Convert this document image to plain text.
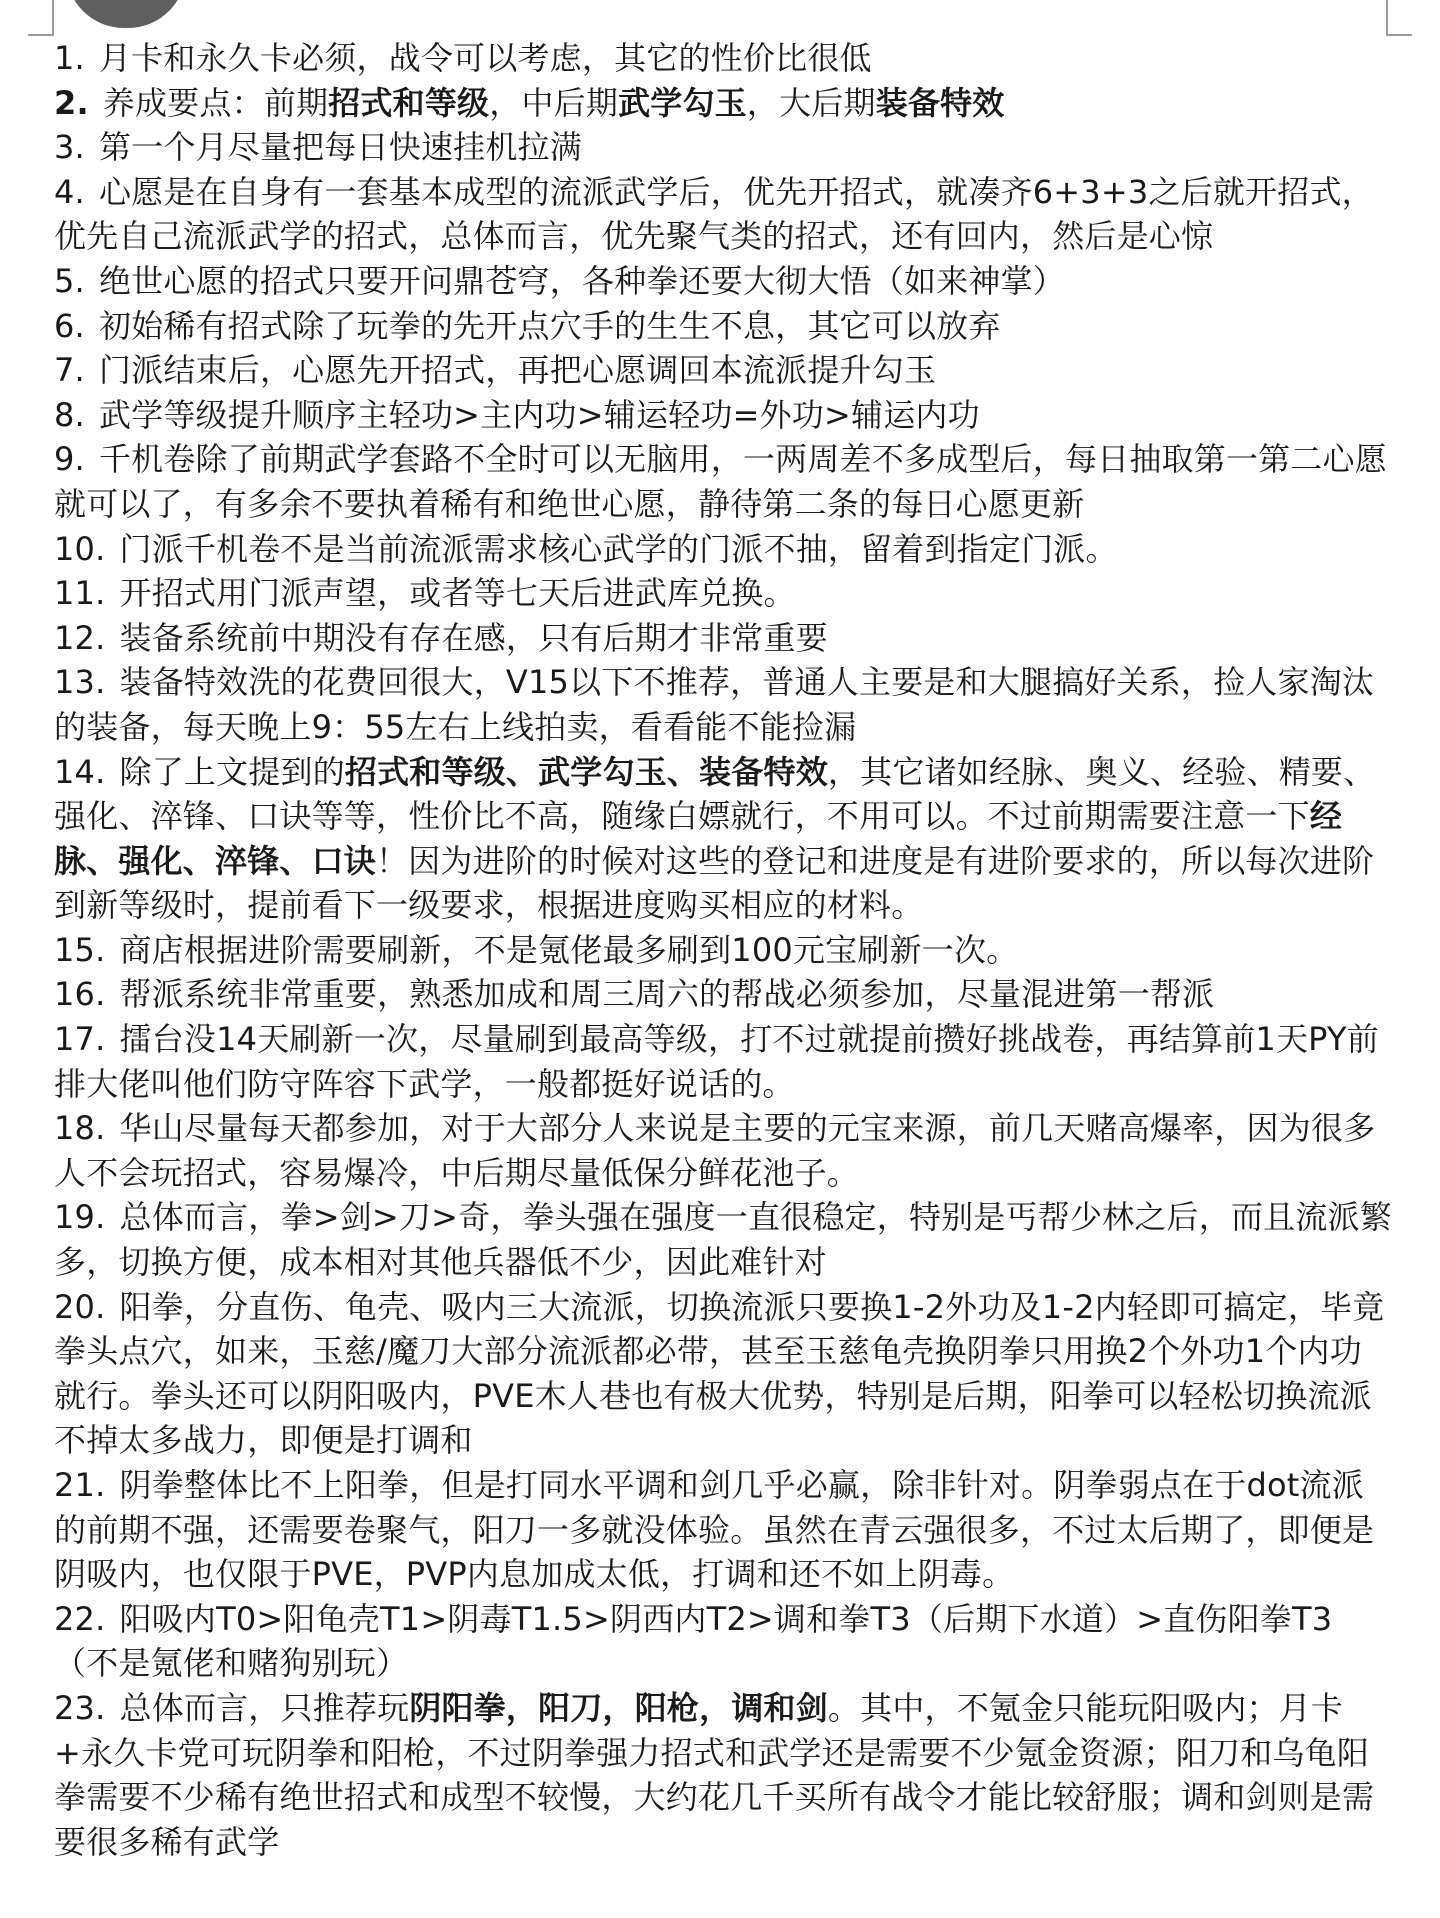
1. 月卡和永久卡必须，战令可以考虑，其它的性价比很低

2. 养成要点：前期招式和等级，中后期武学勾玉，大后期装备特效

3. 第一个月尽量把每日快速挂机拉满

4. 心愿是在自身有一套基本成型的流派武学后，优先开招式，就凑齐6+3+3之后就开招式，优先自己流派武学的招式，总体而言，优先聚气类的招式，还有回内，然后是心惊

5. 绝世心愿的招式只要开问鼎苍穹，各种拳还要大彻大悟（如来神掌）

6. 初始稀有招式除了玩拳的先开点穴手的生生不息，其它可以放弃

7. 门派结束后，心愿先开招式，再把心愿调回本流派提升勾玉

8. 武学等级提升顺序主轻功>主内功>辅运轻功=外功>辅运内功

9. 千机卷除了前期武学套路不全时可以无脑用，一两周差不多成型后，每日抽取第一第二心愿就可以了，有多余不要执着稀有和绝世心愿，静待第二条的每日心愿更新

10. 门派千机卷不是当前流派需求核心武学的门派不抽，留着到指定门派。

11. 开招式用门派声望，或者等七天后进武库兑换。

12. 装备系统前中期没有存在感，只有后期才非常重要

13. 装备特效洗的花费回很大，V15以下不推荐，普通人主要是和大腿搞好关系，捡人家淘汰的装备，每天晚上9：55左右上线拍卖，看看能不能捡漏

14. 除了上文提到的招式和等级、武学勾玉、装备特效，其它诸如经脉、奥义、经验、精要、强化、淬锋、口诀等等，性价比不高，随缘白嫖就行，不用可以。不过前期需要注意一下经脉、强化、淬锋、口诀！因为进阶的时候对这些的登记和进度是有进阶要求的，所以每次进阶到新等级时，提前看下一级要求，根据进度购买相应的材料。

15. 商店根据进阶需要刷新，不是氪佬最多刷到100元宝刷新一次。

16. 帮派系统非常重要，熟悉加成和周三周六的帮战必须参加，尽量混进第一帮派

17. 擂台没14天刷新一次，尽量刷到最高等级，打不过就提前攒好挑战卷，再结算前1天PY前排大佬叫他们防守阵容下武学，一般都挺好说话的。

18. 华山尽量每天都参加，对于大部分人来说是主要的元宝来源，前几天赌高爆率，因为很多人不会玩招式，容易爆冷，中后期尽量低保分鲜花池子。

19. 总体而言，拳>剑>刀>奇，拳头强在强度一直很稳定，特别是丐帮少林之后，而且流派繁多，切换方便，成本相对其他兵器低不少，因此难针对

20. 阳拳，分直伤、龟壳、吸内三大流派，切换流派只要换1-2外功及1-2内轻即可搞定，毕竟拳头点穴，如来，玉慈/魔刀大部分流派都必带，甚至玉慈龟壳换阴拳只用换2个外功1个内功就行。拳头还可以阴阳吸内，PVE木人巷也有极大优势，特别是后期，阳拳可以轻松切换流派不掉太多战力，即便是打调和

21. 阴拳整体比不上阳拳，但是打同水平调和剑几乎必赢，除非针对。阴拳弱点在于dot流派的前期不强，还需要卷聚气，阳刀一多就没体验。虽然在青云强很多，不过太后期了，即便是阴吸内，也仅限于PVE，PVP内息加成太低，打调和还不如上阴毒。

22. 阳吸内T0>阳龟壳T1>阴毒T1.5>阴西内T2>调和拳T3（后期下水道）>直伤阳拳T3（不是氪佬和赌狗别玩）

23. 总体而言，只推荐玩阴阳拳，阳刀，阳枪，调和剑。其中，不氪金只能玩阳吸内；月卡+永久卡党可玩阴拳和阳枪，不过阴拳强力招式和武学还是需要不少氪金资源；阳刀和乌龟阳拳需要不少稀有绝世招式和成型不较慢，大约花几千买所有战令才能比较舒服；调和剑则是需要很多稀有武学
